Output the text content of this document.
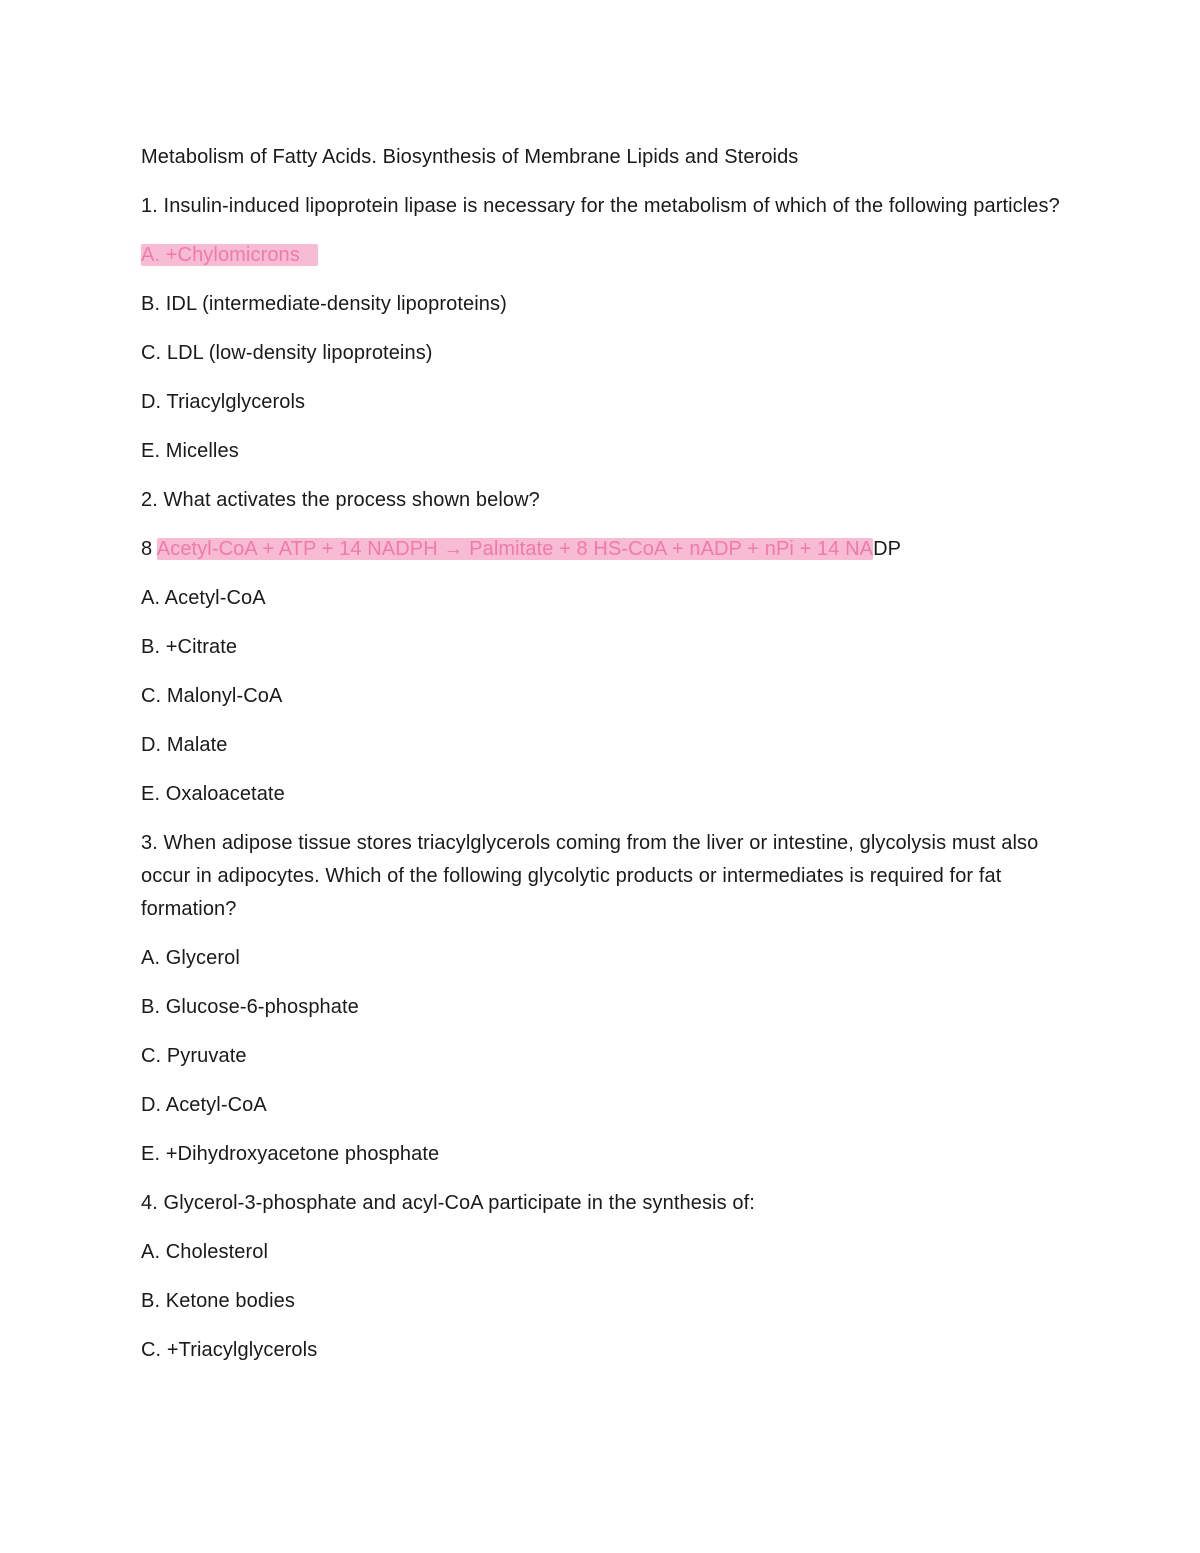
Metabolism of Fatty Acids. Biosynthesis of Membrane Lipids and Steroids

1. Insulin-induced lipoprotein lipase is necessary for the metabolism of which of the following particles?

A. +Chylomicrons

B. IDL (intermediate-density lipoproteins)

C. LDL (low-density lipoproteins)

D. Triacylglycerols

E. Micelles

2. What activates the process shown below?

8 Acetyl-CoA + ATP + 14 NADPH → Palmitate + 8 HS-CoA + nADP + nPi + 14 NADP

A. Acetyl-CoA

B. +Citrate

C. Malonyl-CoA

D. Malate

E. Oxaloacetate

3. When adipose tissue stores triacylglycerols coming from the liver or intestine, glycolysis must also occur in adipocytes. Which of the following glycolytic products or intermediates is required for fat formation?

A. Glycerol

B. Glucose-6-phosphate

C. Pyruvate

D. Acetyl-CoA

E. +Dihydroxyacetone phosphate

4. Glycerol-3-phosphate and acyl-CoA participate in the synthesis of:

A. Cholesterol

B. Ketone bodies

C. +Triacylglycerols
